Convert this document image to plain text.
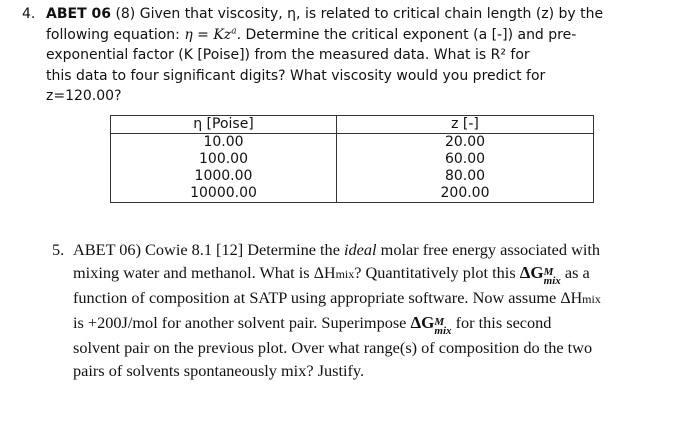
4. ABET 06 (8) Given that viscosity, η, is related to critical chain length (z) by the
following equation: $\eta = Kz^a$. Determine the critical exponent (a [-]) and pre-
exponential factor (K [Poise]) from the measured data. What is R² for
this data to four significant digits? What viscosity would you predict for
z=120.00?
η [Poise]	z [-]
10.00	20.00
100.00	60.00
1000.00	80.00
10000.00	200.00
5. ABET 06) Cowie 8.1 [12] Determine the ideal molar free energy associated with
mixing water and methanol. What is ΔHmix? Quantitatively plot this ΔG M
mix as a
function of composition at SATP using appropriate software. Now assume ΔHmix
is +200J/mol for another solvent pair. Superimpose ΔG M
mix for this second
solvent pair on the previous plot. Over what range(s) of composition do the two
pairs of solvents spontaneously mix? Justify.
